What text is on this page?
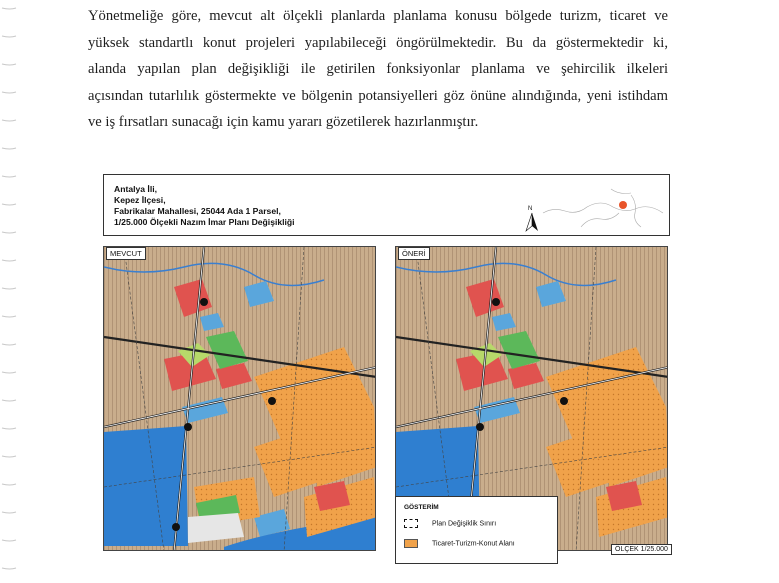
Yönetmeliğe göre, mevcut alt ölçekli planlarda planlama konusu bölgede turizm, ticaret ve
yüksek standartlı konut projeleri yapılabileceği öngörülmektedir. Bu da göstermektedir ki,
alanda yapılan plan değişikliği ile getirilen fonksiyonlar planlama ve şehircilik ilkeleri
açısından tutarlılık göstermekte ve bölgenin potansiyelleri göz önüne alındığında, yeni istihdam
ve iş fırsatları sunacağı için kamu yararı gözetilerek hazırlanmıştır.
Antalya İli,
Kepez İlçesi,
Fabrikalar Mahallesi, 25044 Ada 1 Parsel,
1/25.000 Ölçekli Nazım İmar Planı Değişikliği
N
MEVCUT	ÖNERİ
GÖSTERİM
Plan Değişiklik Sınırı
Ticaret-Turizm-Konut Alanı
ÖLÇEK 1/25.000
